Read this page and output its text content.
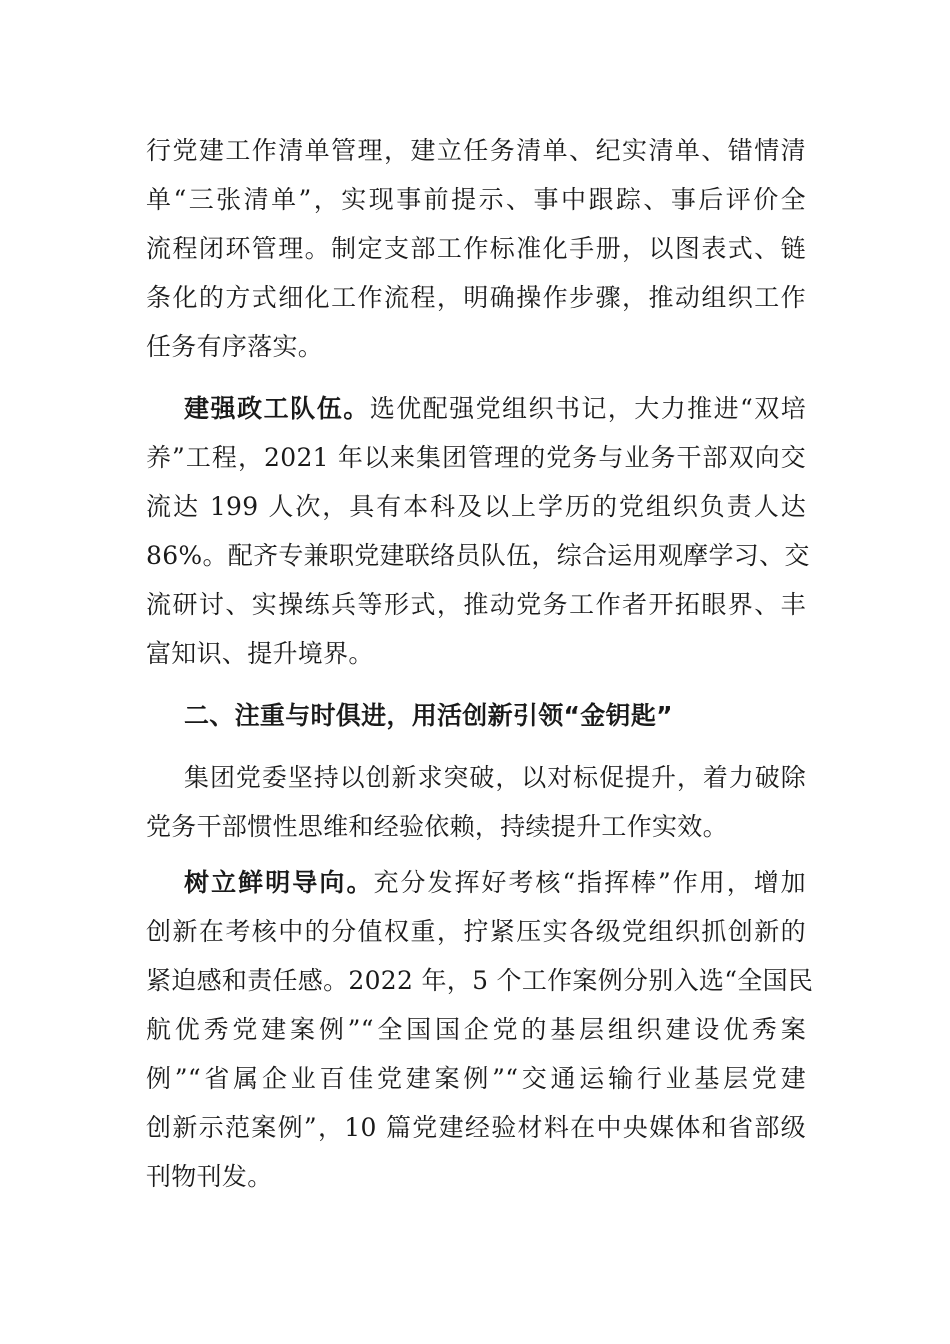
行党建工作清单管理，建立任务清单、纪实清单、错情清
单“三张清单”，实现事前提示、事中跟踪、事后评价全
流程闭环管理。制定支部工作标准化手册，以图表式、链
条化的方式细化工作流程，明确操作步骤，推动组织工作
任务有序落实。
建强政工队伍。选优配强党组织书记，大力推进“双培
养”工程，2021 年以来集团管理的党务与业务干部双向交
流达 199 人次，具有本科及以上学历的党组织负责人达
86%。配齐专兼职党建联络员队伍，综合运用观摩学习、交
流研讨、实操练兵等形式，推动党务工作者开拓眼界、丰
富知识、提升境界。
二、注重与时俱进，用活创新引领“金钥匙”
集团党委坚持以创新求突破，以对标促提升，着力破除
党务干部惯性思维和经验依赖，持续提升工作实效。
树立鲜明导向。充分发挥好考核“指挥棒”作用，增加
创新在考核中的分值权重，拧紧压实各级党组织抓创新的
紧迫感和责任感。2022 年，5 个工作案例分别入选“全国民
航优秀党建案例”“全国国企党的基层组织建设优秀案
例”“省属企业百佳党建案例”“交通运输行业基层党建
创新示范案例”，10 篇党建经验材料在中央媒体和省部级
刊物刊发。
